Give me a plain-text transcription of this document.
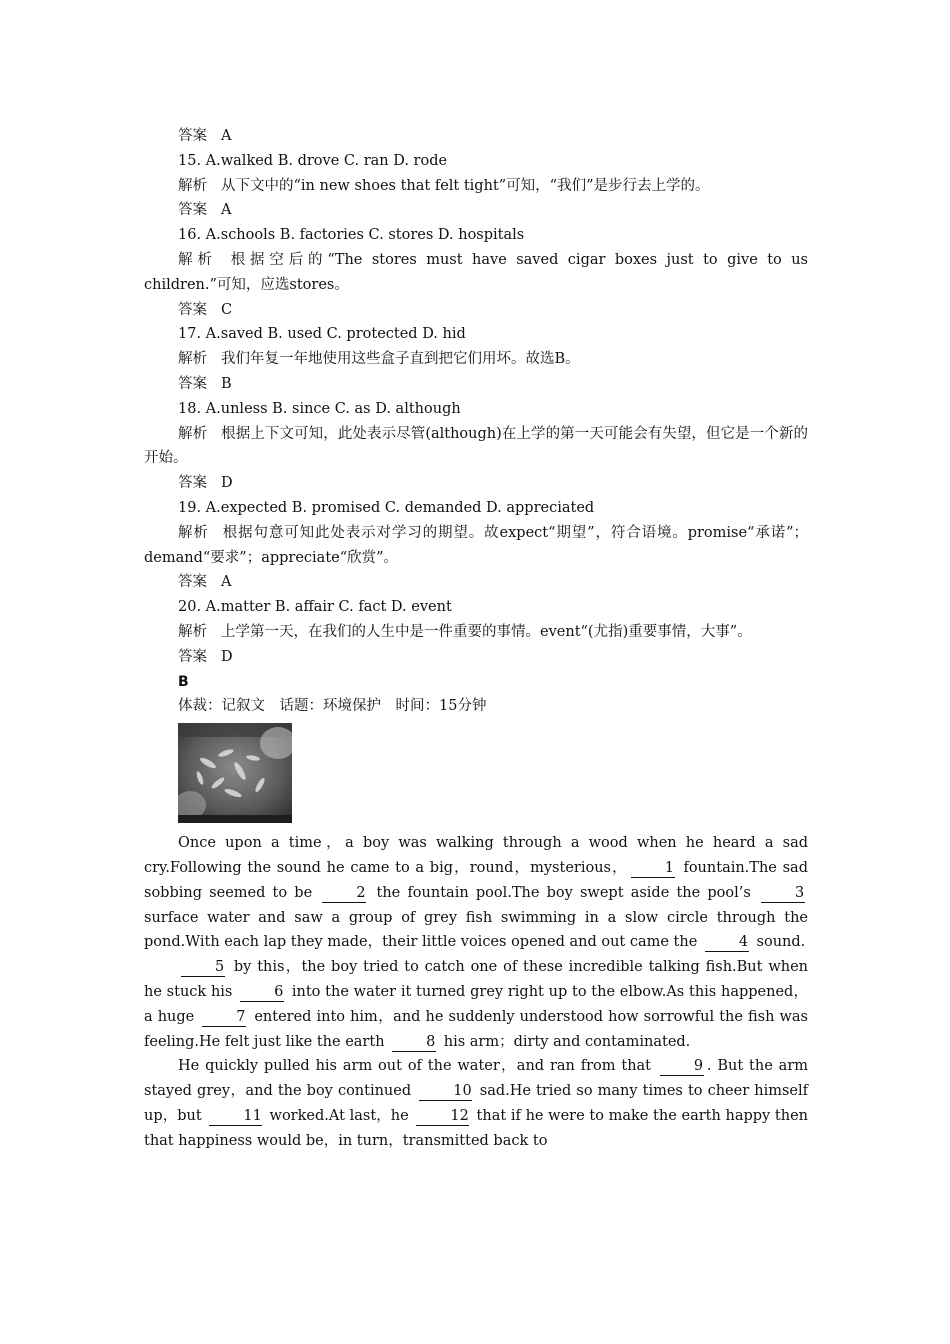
答案 A
15. A.walked B. drove C. ran D. rode
解析 从下文中的“in new shoes that felt tight”可知，“我们”是步行去上学的。
答案 A
16. A.schools B. factories C. stores D. hospitals
解析 根据空后的“The stores must have saved cigar boxes just to give to us children.”可知，应选stores。
答案 C
17. A.saved B. used C. protected D. hid
解析 我们年复一年地使用这些盒子直到把它们用坏。故选B。
答案 B
18. A.unless B. since C. as D. although
解析 根据上下文可知，此处表示尽管(although)在上学的第一天可能会有失望，但它是一个新的开始。
答案 D
19. A.expected B. promised C. demanded D. appreciated
解析 根据句意可知此处表示对学习的期望。故expect“期望”，符合语境。promise“承诺”；demand“要求”；appreciate“欣赏”。
答案 A
20. A.matter B. affair C. fact D. event
解析 上学第一天，在我们的人生中是一件重要的事情。event“(尤指)重要事情，大事”。
答案 D
B
体裁：记叙文　话题：环境保护　时间：15分钟

Once upon a time，a boy was walking through a wood when he heard a sad cry.Following the sound he came to a big，round，mysterious，	1 fountain.The sad sobbing seemed to be	2 the fountain pool.The boy swept aside the pool’s	3 surface water and saw a group of grey fish swimming in a slow circle through the pond.With each lap they made，their little voices opened and out came the	4 sound.

5 by this，the boy tried to catch one of these incredible talking fish.But when he stuck his	6 into the water it turned grey right up to the elbow.As this happened，a huge	7 entered into him，and he suddenly understood how sorrowful the fish was feeling.He felt just like the earth	8 his arm；dirty and contaminated.

He quickly pulled his arm out of the water，and ran from that	9 . But the arm stayed grey，and the boy continued	10 sad.He tried so many times to cheer himself up，but	11 worked.At last，he	12 that if he were to make the earth happy then that happiness would be，in turn，transmitted back to
